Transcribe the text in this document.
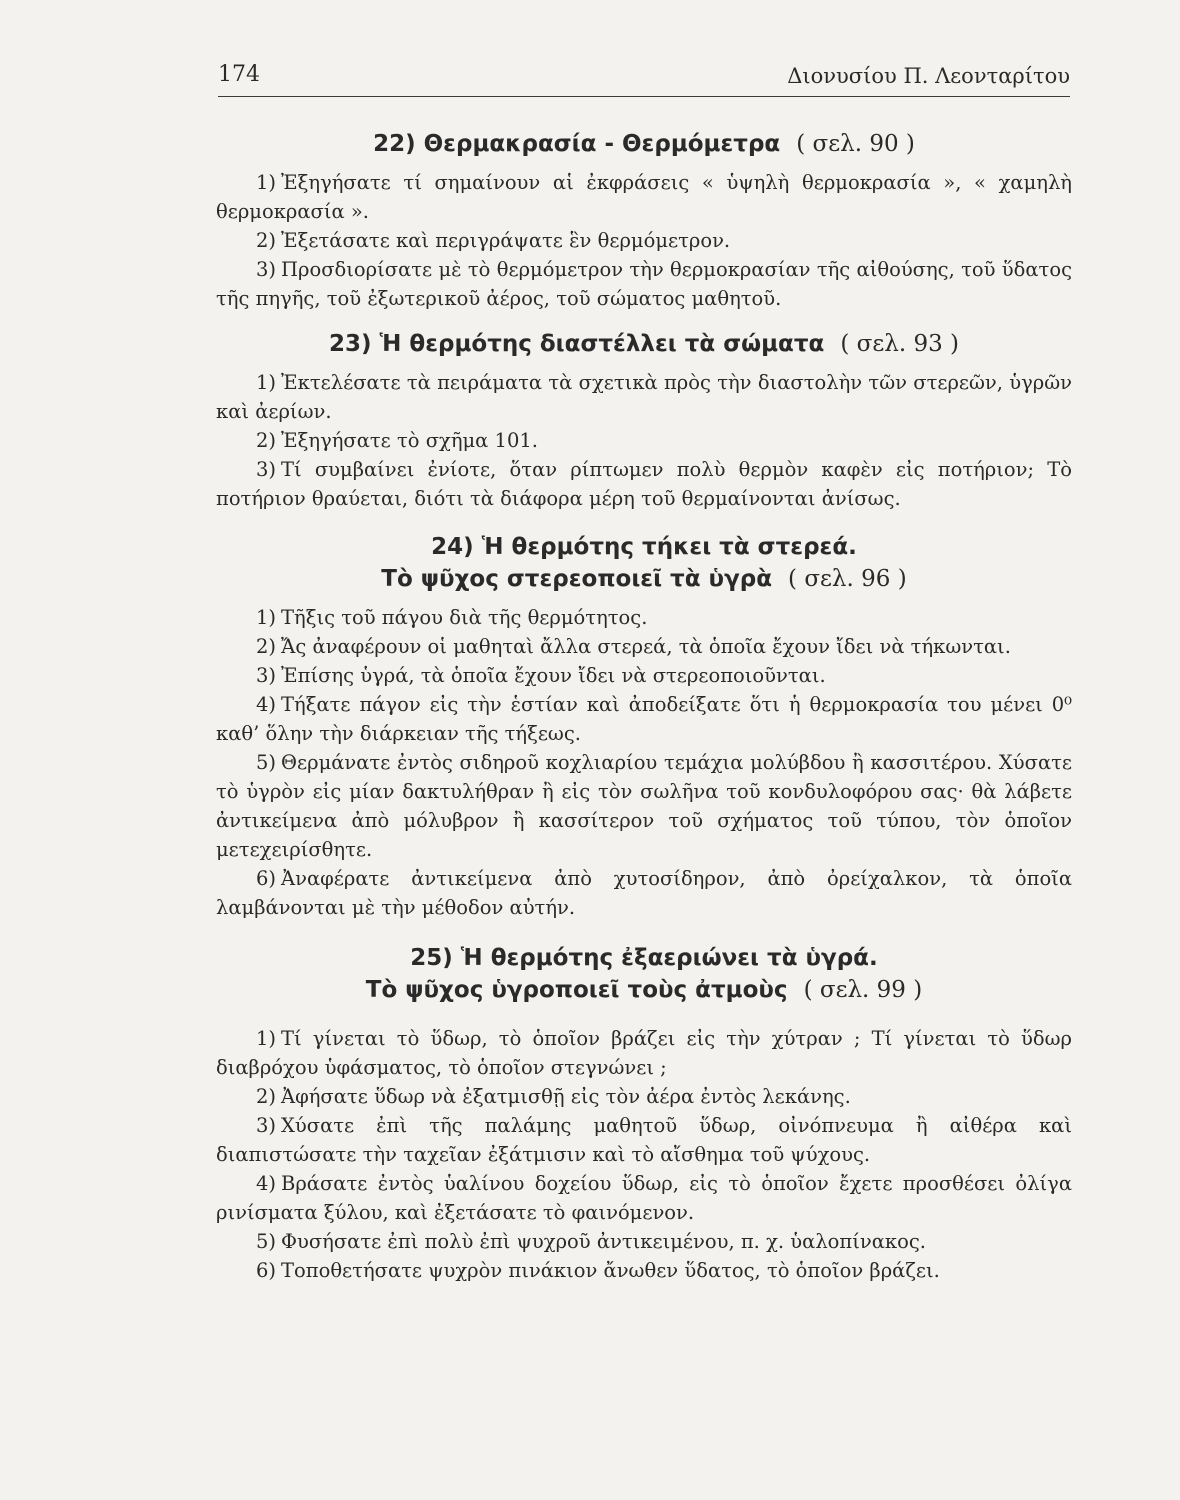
174	Διονυσίου Π. Λεονταρίτου

22) Θερμακρασία - Θερμόμετρα ( σελ. 90 )

1) Ἐξηγήσατε τί σημαίνουν αἱ ἐκφράσεις « ὑψηλὴ θερμοκρασία », « χαμηλὴ θερμοκρασία ».

2) Ἐξετάσατε καὶ περιγράψατε ἓν θερμόμετρον.

3) Προσδιορίσατε μὲ τὸ θερμόμετρον τὴν θερμοκρασίαν τῆς αἰθούσης, τοῦ ὕδατος τῆς πηγῆς, τοῦ ἐξωτερικοῦ ἀέρος, τοῦ σώματος μαθητοῦ.

23) Ἡ θερμότης διαστέλλει τὰ σώματα ( σελ. 93 )

1) Ἐκτελέσατε τὰ πειράματα τὰ σχετικὰ πρὸς τὴν διαστολὴν τῶν στερεῶν, ὑγρῶν καὶ ἀερίων.

2) Ἐξηγήσατε τὸ σχῆμα 101.

3) Τί συμβαίνει ἐνίοτε, ὅταν ρίπτωμεν πολὺ θερμὸν καφὲν εἰς ποτήριον; Τὸ ποτήριον θραύεται, διότι τὰ διάφορα μέρη τοῦ θερμαίνονται ἀνίσως.

24) Ἡ θερμότης τήκει τὰ στερεά.
Τὸ ψῦχος στερεοποιεῖ τὰ ὑγρὰ ( σελ. 96 )

1) Τῆξις τοῦ πάγου διὰ τῆς θερμότητος.

2) Ἄς ἀναφέρουν οἱ μαθηταὶ ἄλλα στερεά, τὰ ὁποῖα ἔχουν ἴδει νὰ τήκωνται.

3) Ἐπίσης ὑγρά, τὰ ὁποῖα ἔχουν ἴδει νὰ στερεοποιοῦνται.

4) Τήξατε πάγον εἰς τὴν ἑστίαν καὶ ἀποδείξατε ὅτι ἡ θερμοκρασία του μένει 0⁰ καθ’ ὅλην τὴν διάρκειαν τῆς τήξεως.

5) Θερμάνατε ἐντὸς σιδηροῦ κοχλιαρίου τεμάχια μολύβδου ἢ κασσιτέρου. Χύσατε τὸ ὑγρὸν εἰς μίαν δακτυλήθραν ἢ εἰς τὸν σωλῆνα τοῦ κονδυλοφόρου σας· θὰ λάβετε ἀντικείμενα ἀπὸ μόλυβρον ἢ κασσίτερον τοῦ σχήματος τοῦ τύπου, τὸν ὁποῖον μετεχειρίσθητε.

6) Ἀναφέρατε ἀντικείμενα ἀπὸ χυτοσίδηρον, ἀπὸ ὀρείχαλκον, τὰ ὁποῖα λαμβάνονται μὲ τὴν μέθοδον αὐτήν.

25) Ἡ θερμότης ἐξαεριώνει τὰ ὑγρά.
Τὸ ψῦχος ὑγροποιεῖ τοὺς ἀτμοὺς ( σελ. 99 )

1) Τί γίνεται τὸ ὕδωρ, τὸ ὁποῖον βράζει εἰς τὴν χύτραν ; Τί γίνεται τὸ ὕδωρ διαβρόχου ὑφάσματος, τὸ ὁποῖον στεγνώνει ;

2) Ἀφήσατε ὕδωρ νὰ ἐξατμισθῇ εἰς τὸν ἀέρα ἐντὸς λεκάνης.

3) Χύσατε ἐπὶ τῆς παλάμης μαθητοῦ ὕδωρ, οἰνόπνευμα ἢ αἰθέρα καὶ διαπιστώσατε τὴν ταχεῖαν ἐξάτμισιν καὶ τὸ αἴσθημα τοῦ ψύχους.

4) Βράσατε ἐντὸς ὑαλίνου δοχείου ὕδωρ, εἰς τὸ ὁποῖον ἔχετε προσθέσει ὀλίγα ρινίσματα ξύλου, καὶ ἐξετάσατε τὸ φαινόμενον.

5) Φυσήσατε ἐπὶ πολὺ ἐπὶ ψυχροῦ ἀντικειμένου, π. χ. ὑαλοπίνακος.

6) Τοποθετήσατε ψυχρὸν πινάκιον ἄνωθεν ὕδατος, τὸ ὁποῖον βράζει.
